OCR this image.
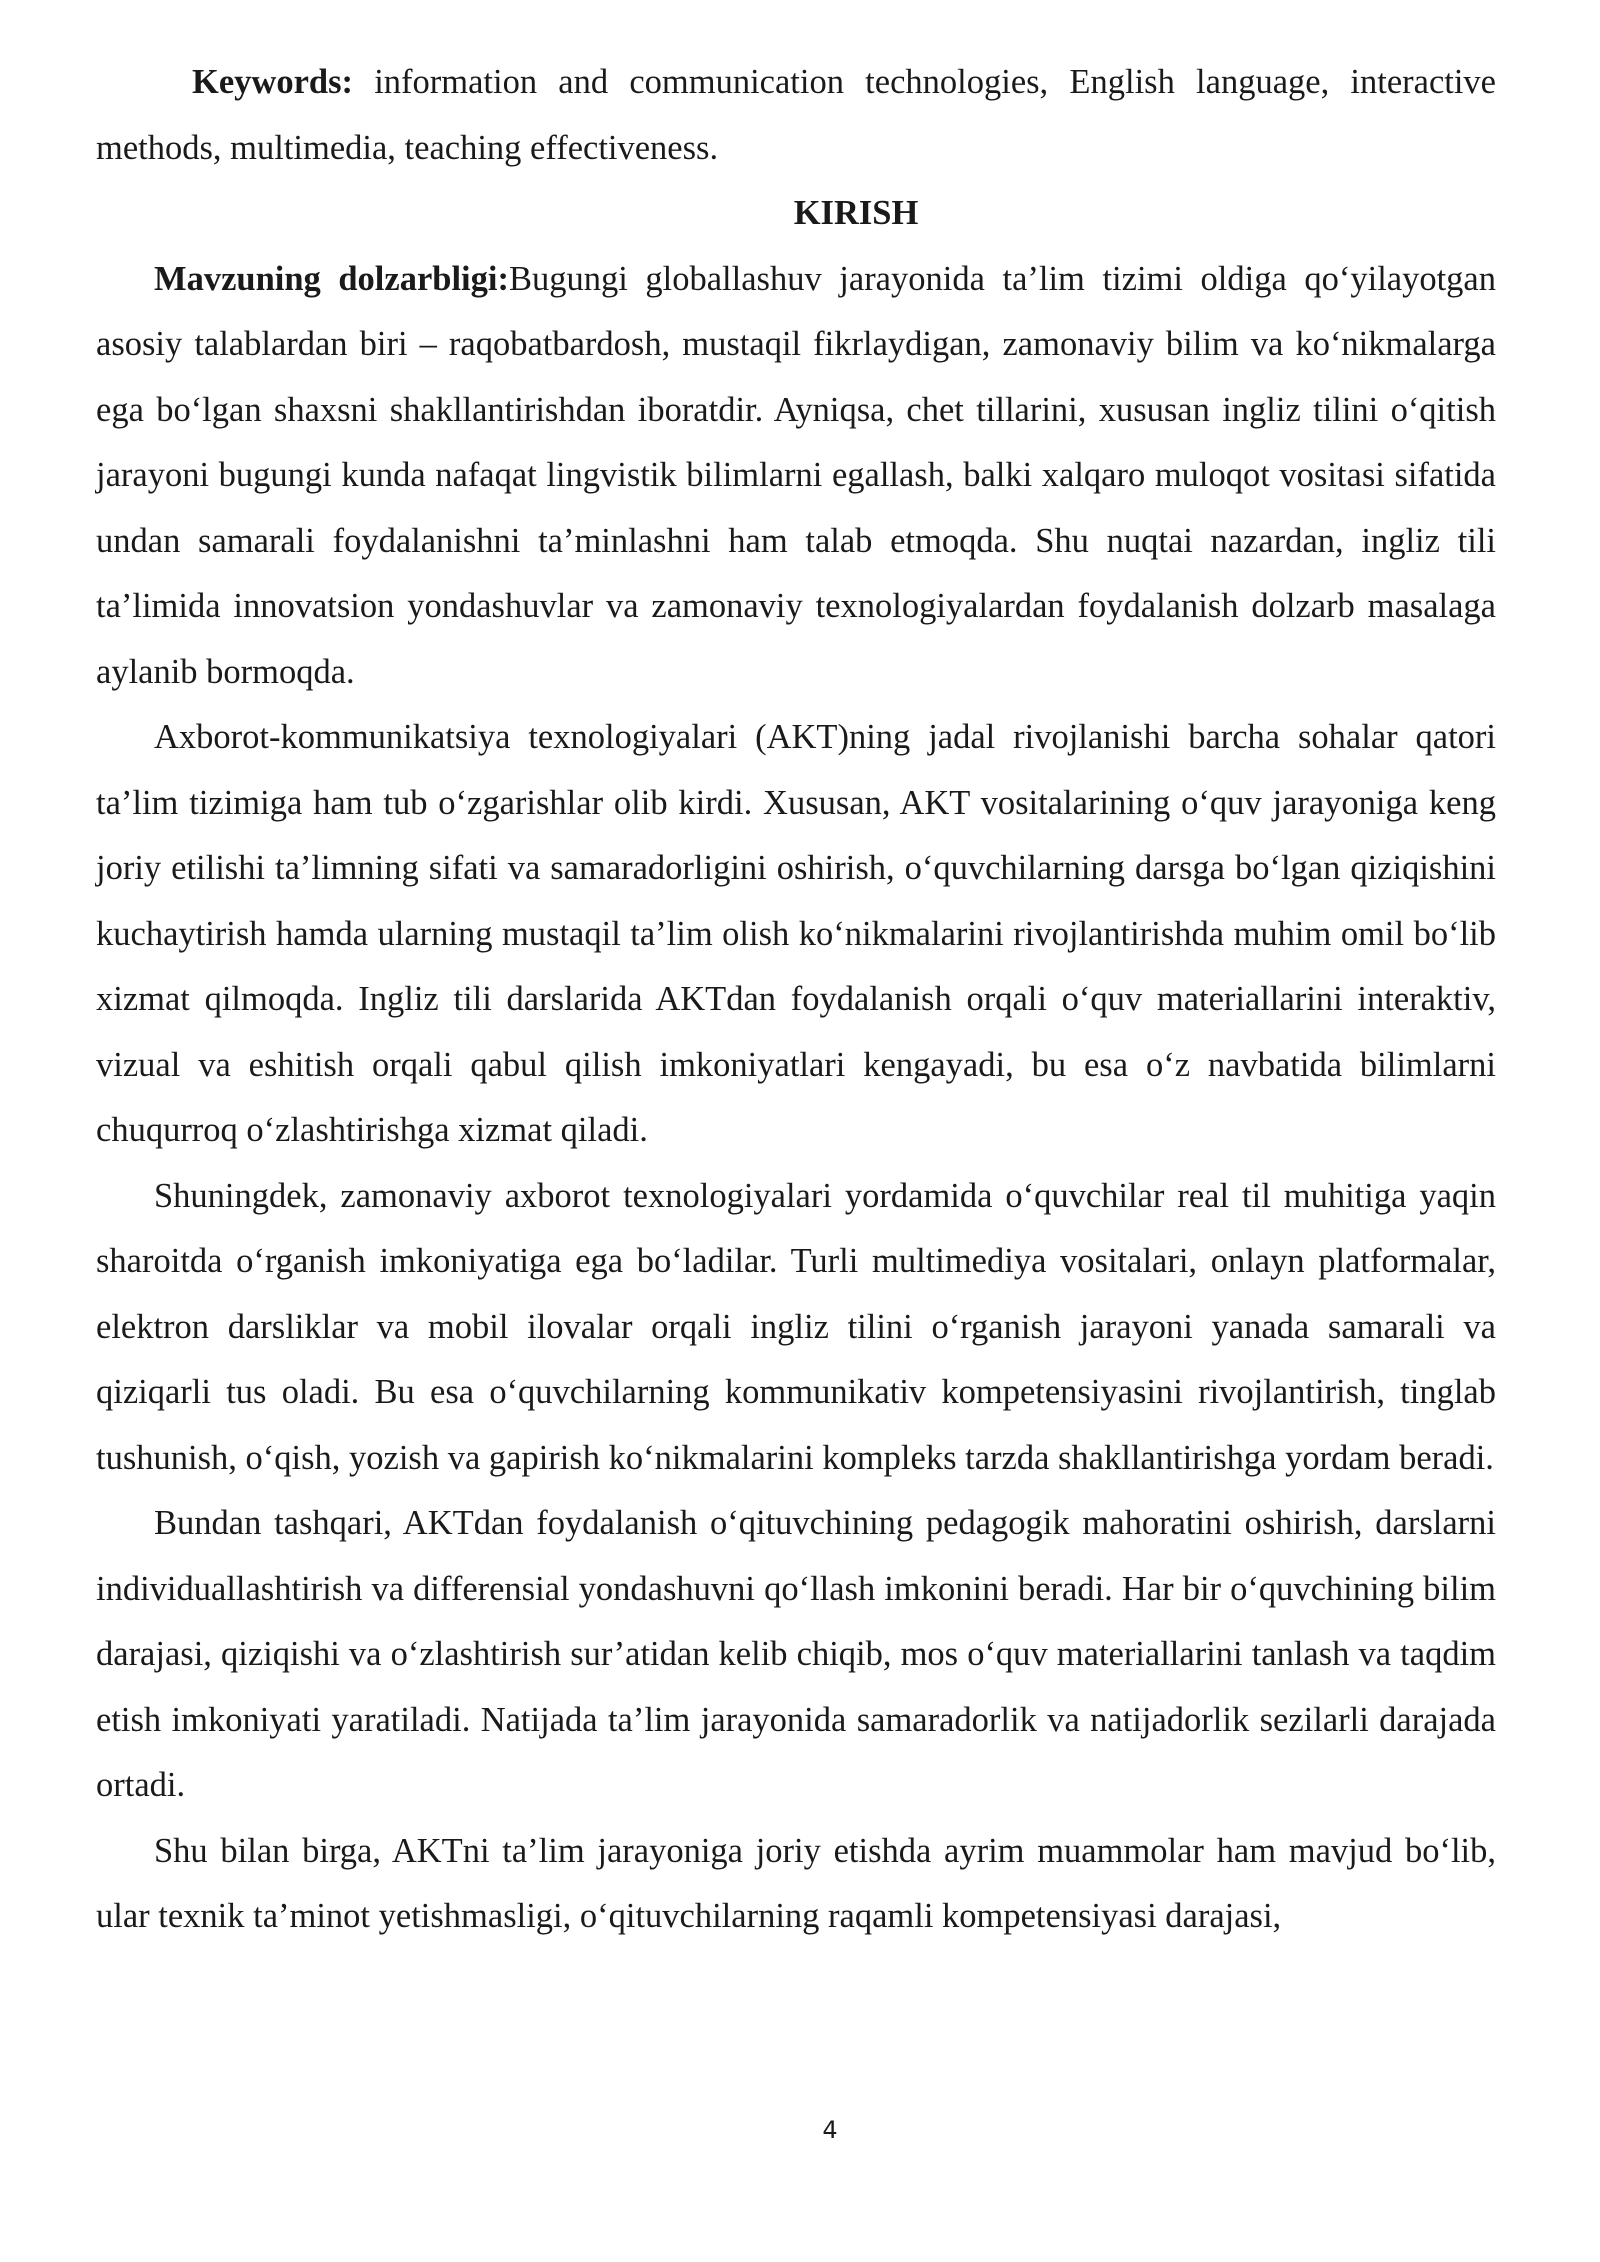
Keywords: information and communication technologies, English language, interactive methods, multimedia, teaching effectiveness.

KIRISH

Mavzuning dolzarbligi:Bugungi globallashuv jarayonida ta’lim tizimi oldiga qo‘yilayotgan asosiy talablardan biri – raqobatbardosh, mustaqil fikrlaydigan, zamonaviy bilim va ko‘nikmalarga ega bo‘lgan shaxsni shakllantirishdan iboratdir. Ayniqsa, chet tillarini, xususan ingliz tilini o‘qitish jarayoni bugungi kunda nafaqat lingvistik bilimlarni egallash, balki xalqaro muloqot vositasi sifatida undan samarali foydalanishni ta’minlashni ham talab etmoqda. Shu nuqtai nazardan, ingliz tili ta’limida innovatsion yondashuvlar va zamonaviy texnologiyalardan foydalanish dolzarb masalaga aylanib bormoqda.

Axborot-kommunikatsiya texnologiyalari (AKT)ning jadal rivojlanishi barcha sohalar qatori ta’lim tizimiga ham tub o‘zgarishlar olib kirdi. Xususan, AKT vositalarining o‘quv jarayoniga keng joriy etilishi ta’limning sifati va samaradorligini oshirish, o‘quvchilarning darsga bo‘lgan qiziqishini kuchaytirish hamda ularning mustaqil ta’lim olish ko‘nikmalarini rivojlantirishda muhim omil bo‘lib xizmat qilmoqda. Ingliz tili darslarida AKTdan foydalanish orqali o‘quv materiallarini interaktiv, vizual va eshitish orqali qabul qilish imkoniyatlari kengayadi, bu esa o‘z navbatida bilimlarni chuqurroq o‘zlashtirishga xizmat qiladi.

Shuningdek, zamonaviy axborot texnologiyalari yordamida o‘quvchilar real til muhitiga yaqin sharoitda o‘rganish imkoniyatiga ega bo‘ladilar. Turli multimediya vositalari, onlayn platformalar, elektron darsliklar va mobil ilovalar orqali ingliz tilini o‘rganish jarayoni yanada samarali va qiziqarli tus oladi. Bu esa o‘quvchilarning kommunikativ kompetensiyasini rivojlantirish, tinglab tushunish, o‘qish, yozish va gapirish ko‘nikmalarini kompleks tarzda shakllantirishga yordam beradi.

Bundan tashqari, AKTdan foydalanish o‘qituvchining pedagogik mahoratini oshirish, darslarni individuallashtirish va differensial yondashuvni qo‘llash imkonini beradi. Har bir o‘quvchining bilim darajasi, qiziqishi va o‘zlashtirish sur’atidan kelib chiqib, mos o‘quv materiallarini tanlash va taqdim etish imkoniyati yaratiladi. Natijada ta’lim jarayonida samaradorlik va natijadorlik sezilarli darajada ortadi.

Shu bilan birga, AKTni ta’lim jarayoniga joriy etishda ayrim muammolar ham mavjud bo‘lib, ular texnik ta’minot yetishmasligi, o‘qituvchilarning raqamli kompetensiyasi darajasi,

4
